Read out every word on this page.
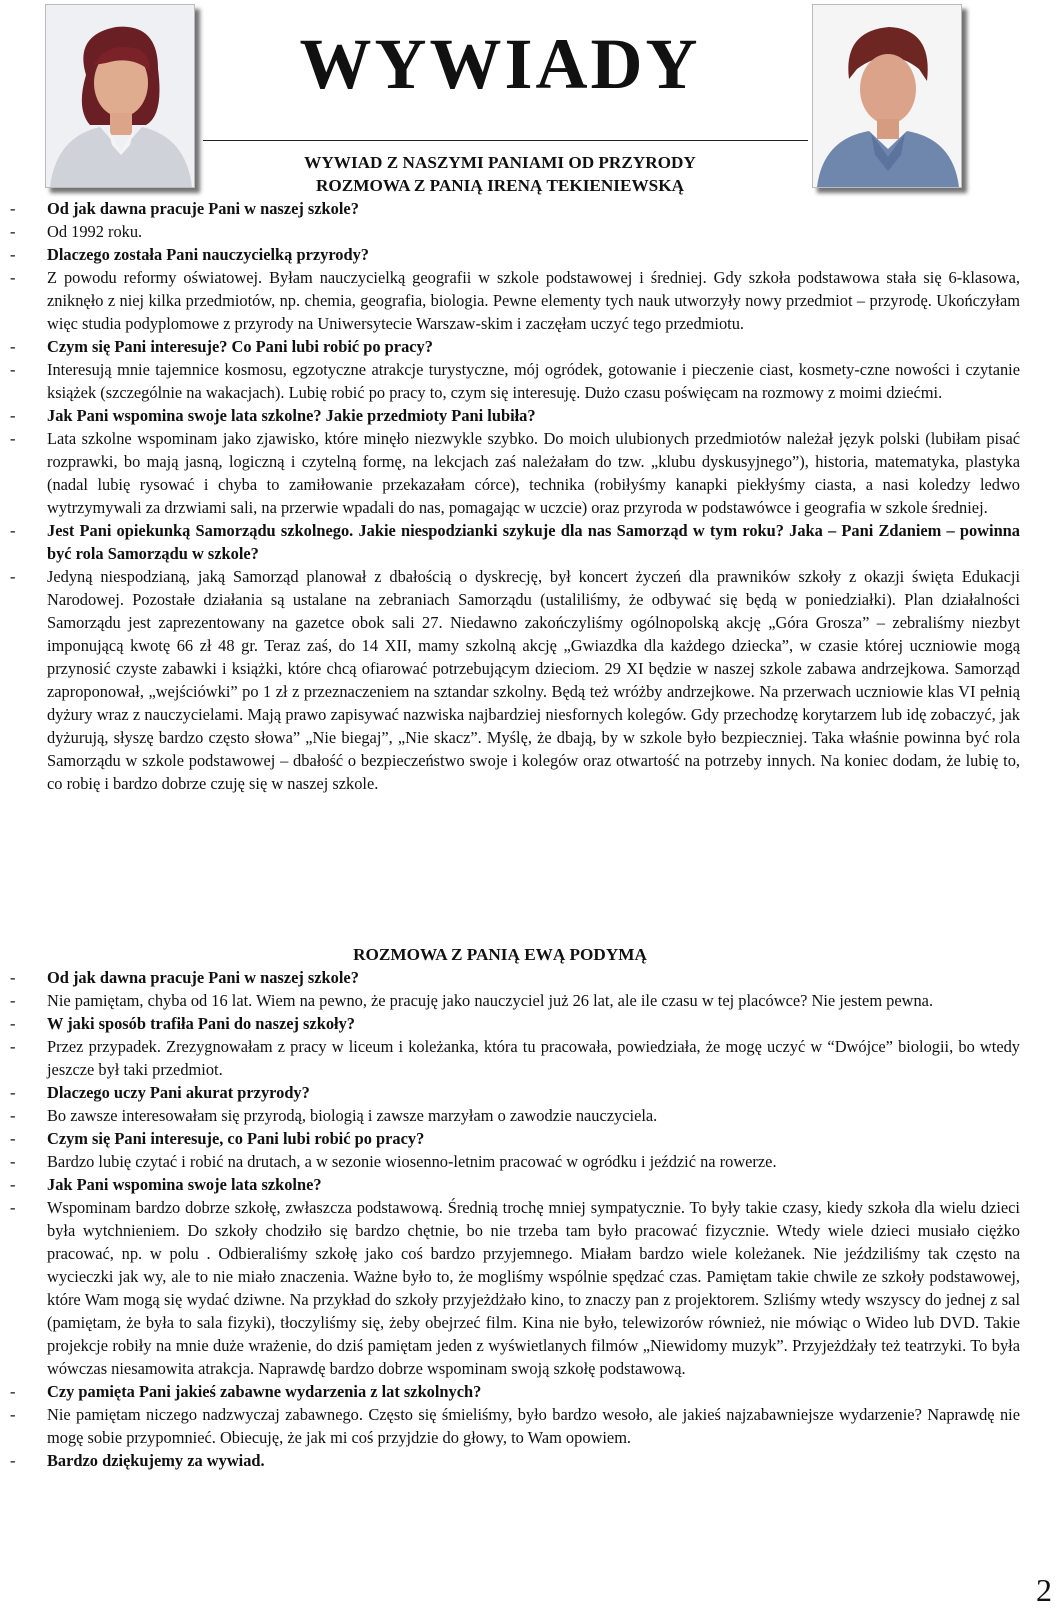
WYWIADY
WYWIAD Z NASZYMI PANIAMI OD PRZYRODY
ROZMOWA Z PANIĄ IRENĄ TEKIENIEWSKĄ
-	Od jak dawna pracuje Pani w naszej szkole?
-	Od 1992 roku.
-	Dlaczego została Pani nauczycielką przyrody?
-	Z powodu reformy oświatowej. Byłam nauczycielką geografii w szkole podstawowej i średniej. Gdy szkoła podstawowa stała się 6-klasowa, zniknęło z niej kilka przedmiotów, np. chemia, geografia, biologia. Pewne elementy tych nauk utworzyły nowy przedmiot – przyrodę. Ukończyłam więc studia podyplomowe z przyrody na Uniwersytecie Warszaw-skim i zaczęłam uczyć tego przedmiotu.
-	Czym się Pani interesuje? Co Pani lubi robić po pracy?
-	Interesują mnie tajemnice kosmosu, egzotyczne atrakcje turystyczne, mój ogródek, gotowanie i pieczenie ciast, kosmety-czne nowości i czytanie książek (szczególnie na wakacjach). Lubię robić po pracy to, czym się interesuję. Dużo czasu poświęcam na rozmowy z moimi dziećmi.
-	Jak Pani wspomina swoje lata szkolne? Jakie przedmioty Pani lubiła?
-	Lata szkolne wspominam jako zjawisko, które minęło niezwykle szybko. Do moich ulubionych przedmiotów należał język polski (lubiłam pisać rozprawki, bo mają jasną, logiczną i czytelną formę, na lekcjach zaś należałam do tzw. „klubu dyskusyjnego”), historia, matematyka, plastyka (nadal lubię rysować i chyba to zamiłowanie przekazałam córce), technika (robiłyśmy kanapki piekłyśmy ciasta, a nasi koledzy ledwo wytrzymywali za drzwiami sali, na przerwie wpadali do nas, pomagając w uczcie) oraz przyroda w podstawówce i geografia w szkole średniej.
-	Jest Pani opiekunką Samorządu szkolnego. Jakie niespodzianki szykuje dla nas Samorząd w tym roku? Jaka – Pani Zdaniem – powinna być rola Samorządu w szkole?
-	Jedyną niespodzianą, jaką Samorząd planował z dbałością o dyskrecję, był koncert życzeń dla prawników szkoły z okazji święta Edukacji Narodowej. Pozostałe działania są ustalane na zebraniach Samorządu (ustaliliśmy, że odbywać się będą w poniedziałki). Plan działalności Samorządu jest zaprezentowany na gazetce obok sali 27. Niedawno zakończyliśmy ogólnopolską akcję „Góra Grosza” – zebraliśmy niezbyt imponującą kwotę 66 zł 48 gr. Teraz zaś, do 14 XII, mamy szkolną akcję „Gwiazdka dla każdego dziecka”, w czasie której uczniowie mogą przynosić czyste zabawki i książki, które chcą ofiarować potrzebującym dzieciom. 29 XI będzie w naszej szkole zabawa andrzejkowa. Samorząd zaproponował, „wejściówki” po 1 zł z przeznaczeniem na sztandar szkolny. Będą też wróżby andrzejkowe. Na przerwach uczniowie klas VI pełnią dyżury wraz z nauczycielami. Mają prawo zapisywać nazwiska najbardziej niesfornych kolegów. Gdy przechodzę korytarzem lub idę zobaczyć, jak dyżurują, słyszę bardzo często słowa” „Nie biegaj”, „Nie skacz”. Myślę, że dbają, by w szkole było bezpieczniej. Taka właśnie powinna być rola Samorządu w szkole podstawowej – dbałość o bezpieczeństwo swoje i kolegów oraz otwartość na potrzeby innych. Na koniec dodam, że lubię to, co robię i bardzo dobrze czuję się w naszej szkole.
ROZMOWA Z PANIĄ EWĄ PODYMĄ
-	Od jak dawna pracuje Pani w naszej szkole?
-	Nie pamiętam, chyba od 16 lat. Wiem na pewno, że pracuję jako nauczyciel już 26 lat, ale ile czasu w tej placówce? Nie jestem pewna.
-	W jaki sposób trafiła Pani do naszej szkoły?
-	Przez przypadek. Zrezygnowałam z pracy w liceum i koleżanka, która tu pracowała, powiedziała, że mogę uczyć w “Dwójce” biologii, bo wtedy jeszcze był taki przedmiot.
-	Dlaczego uczy Pani akurat przyrody?
-	Bo zawsze interesowałam się przyrodą, biologią i zawsze marzyłam o zawodzie nauczyciela.
-	Czym się Pani interesuje, co Pani lubi robić po pracy?
-	Bardzo lubię czytać i robić na drutach, a w sezonie wiosenno-letnim pracować w ogródku i jeździć na rowerze.
-	Jak Pani wspomina swoje lata szkolne?
-	Wspominam bardzo dobrze szkołę, zwłaszcza podstawową. Średnią trochę mniej sympatycznie. To były takie czasy, kiedy szkoła dla wielu dzieci była wytchnieniem. Do szkoły chodziło się bardzo chętnie, bo nie trzeba tam było pracować fizycznie. Wtedy wiele dzieci musiało ciężko pracować, np. w polu . Odbieraliśmy szkołę jako coś bardzo przyjemnego. Miałam bardzo wiele koleżanek. Nie jeździliśmy tak często na wycieczki jak wy, ale to nie miało znaczenia. Ważne było to, że mogliśmy wspólnie spędzać czas. Pamiętam takie chwile ze szkoły podstawowej, które Wam mogą się wydać dziwne. Na przykład do szkoły przyjeżdżało kino, to znaczy pan z projektorem. Szliśmy wtedy wszyscy do jednej z sal (pamiętam, że była to sala fizyki), tłoczyliśmy się, żeby obejrzeć film. Kina nie było, telewizorów również, nie mówiąc o Wideo lub DVD. Takie projekcje robiły na mnie duże wrażenie, do dziś pamiętam jeden z wyświetlanych filmów „Niewidomy muzyk”. Przyjeżdżały też teatrzyki. To była wówczas niesamowita atrakcja. Naprawdę bardzo dobrze wspominam swoją szkołę podstawową.
-	Czy pamięta Pani jakieś zabawne wydarzenia z lat szkolnych?
-	Nie pamiętam niczego nadzwyczaj zabawnego. Często się śmieliśmy, było bardzo wesoło, ale jakieś najzabawniejsze wydarzenie? Naprawdę nie mogę sobie przypomnieć. Obiecuję, że jak mi coś przyjdzie do głowy, to Wam opowiem.
-	Bardzo dziękujemy za wywiad.
2
